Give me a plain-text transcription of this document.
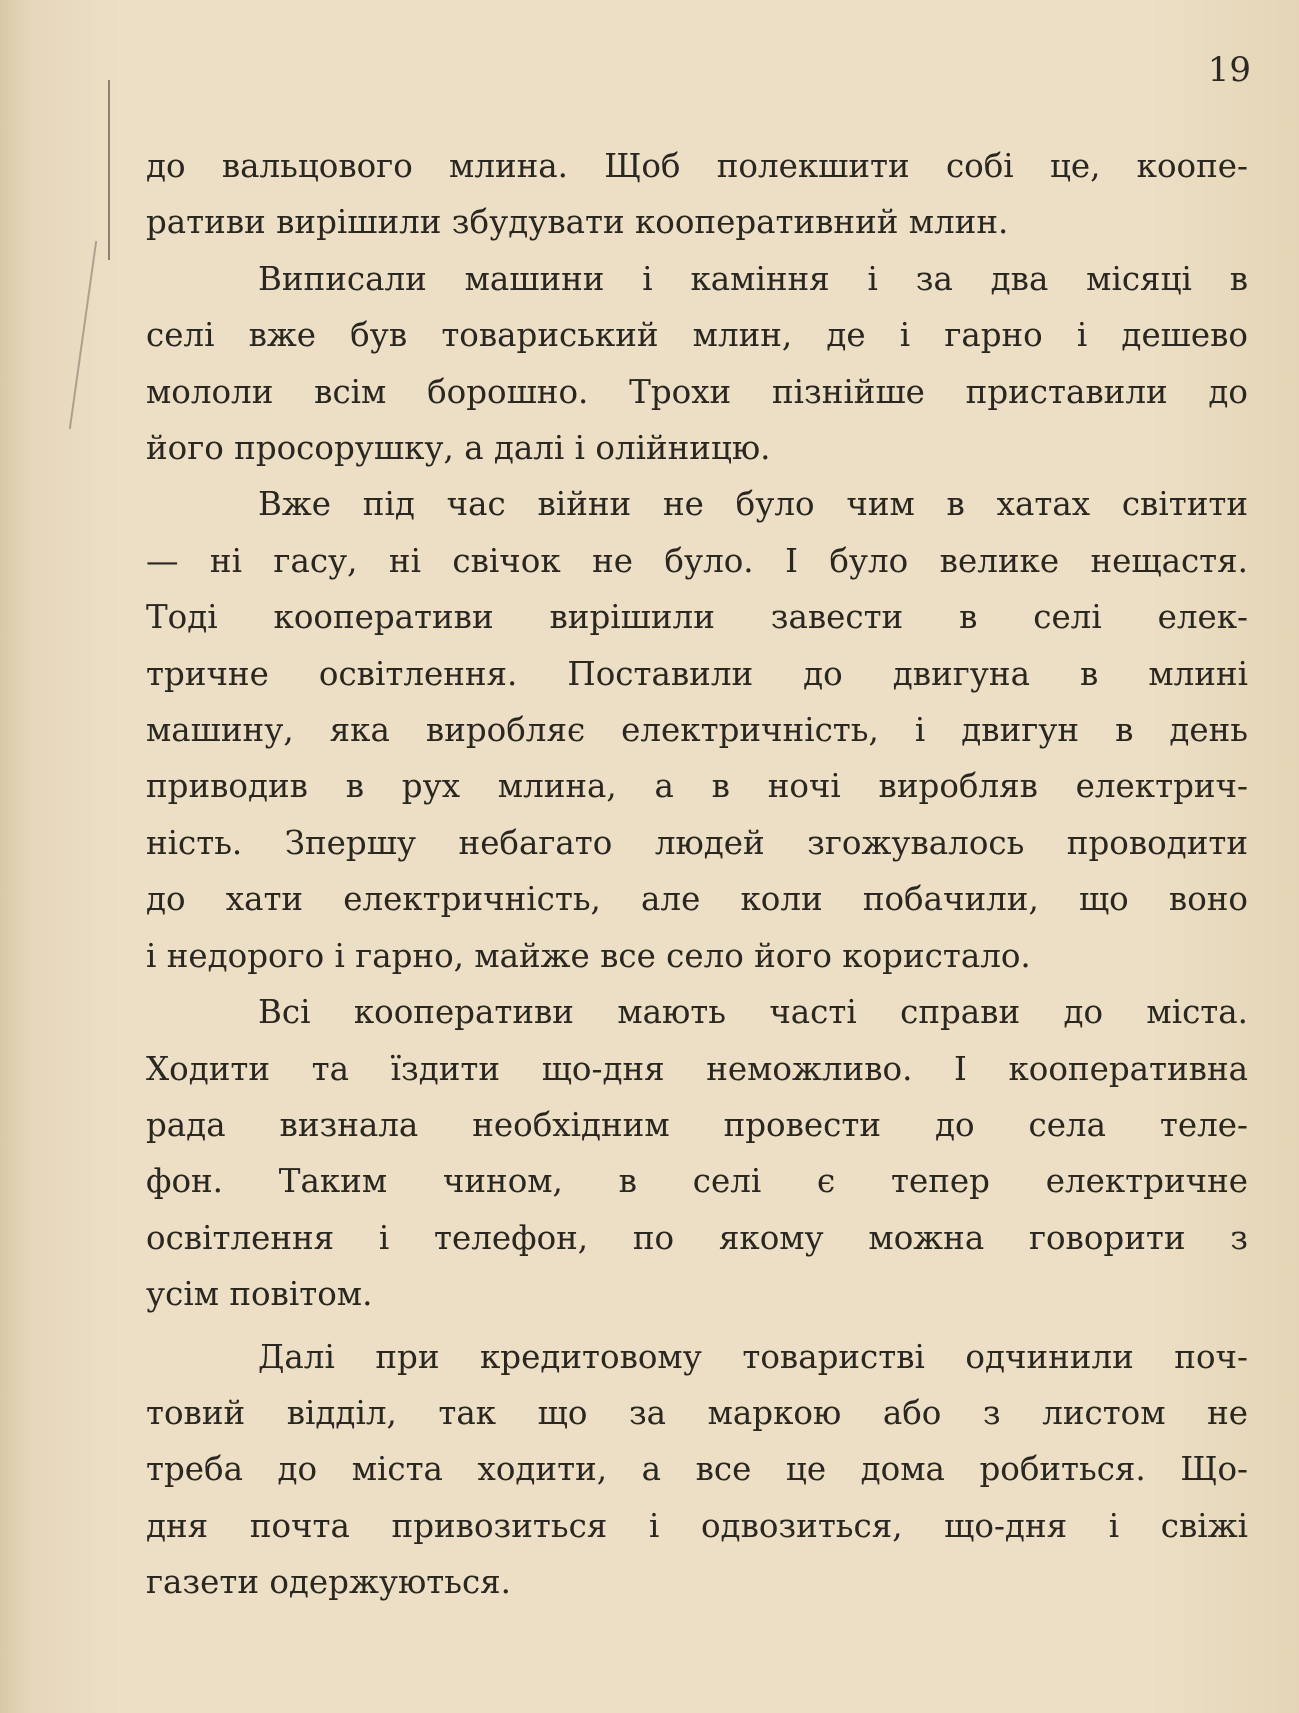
19
до вальцового млина. Щоб полекшити собі це, коопе-
ративи вирішили збудувати кооперативний млин.
Виписали машини і каміння і за два місяці в
селі вже був товариський млин, де і гарно і дешево
мололи всім борошно. Трохи пізнійше приставили до
його просорушку, а далі і олійницю.
Вже під час війни не було чим в хатах світити
— ні гасу, ні свічок не було. І було велике нещастя.
Тоді кооперативи вирішили завести в селі елек-
тричне освітлення. Поставили до двигуна в млині
машину, яка виробляє електричність, і двигун в день
приводив в рух млина, а в ночі виробляв електрич-
ність. Зпершу небагато людей згожувалось проводити
до хати електричність, але коли побачили, що воно
і недорого і гарно, майже все село його користало.
Всі кооперативи мають часті справи до міста.
Ходити та їздити що-дня неможливо. І кооперативна
рада визнала необхідним провести до села теле-
фон. Таким чином, в селі є тепер електричне
освітлення і телефон, по якому можна говорити з
усім повітом.
Далі при кредитовому товаристві одчинили поч-
товий відділ, так що за маркою або з листом не
треба до міста ходити, а все це дома робиться. Що-
дня почта привозиться і одвозиться, що-дня і свіжі
газети одержуються.
